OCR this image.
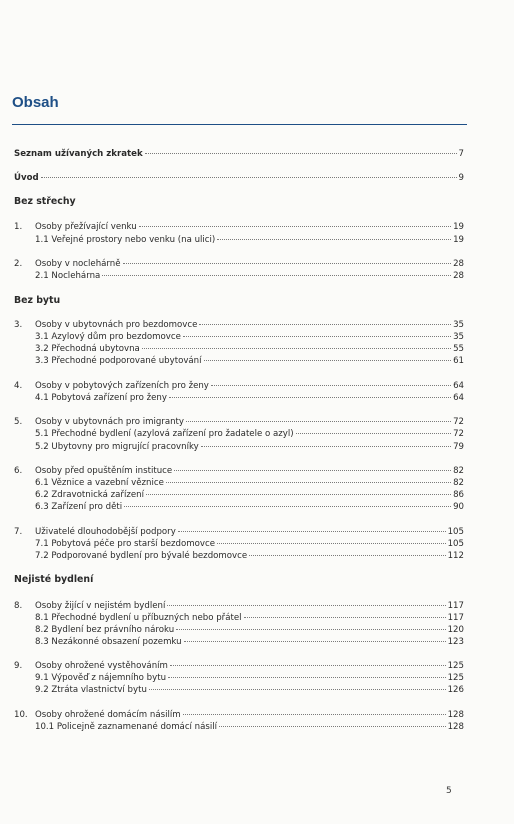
Obsah
Seznam užívaných zkratek	7
Úvod	9
Bez střechy
1.	Osoby přežívající venku	19
1.1 Veřejné prostory nebo venku (na ulici)	19
2.	Osoby v noclehárně	28
2.1 Noclehárna	28
Bez bytu
3.	Osoby v ubytovnách pro bezdomovce	35
3.1 Azylový dům pro bezdomovce	35
3.2 Přechodná ubytovna	55
3.3 Přechodné podporované ubytování	61
4.	Osoby v pobytových zařízeních pro ženy	64
4.1 Pobytová zařízení pro ženy	64
5.	Osoby v ubytovnách pro imigranty	72
5.1 Přechodné bydlení (azylová zařízení pro žadatele o azyl)	72
5.2 Ubytovny pro migrující pracovníky	79
6.	Osoby před opuštěním instituce	82
6.1 Věznice a vazební věznice	82
6.2 Zdravotnická zařízení	86
6.3 Zařízení pro děti	90
7.	Uživatelé dlouhodobější podpory	105
7.1 Pobytová péče pro starší bezdomovce	105
7.2 Podporované bydlení pro bývalé bezdomovce	112
Nejisté bydlení
8.	Osoby žijící v nejistém bydlení	117
8.1 Přechodné bydlení u příbuzných nebo přátel	117
8.2 Bydlení bez právního nároku	120
8.3 Nezákonné obsazení pozemku	123
9.	Osoby ohrožené vystěhováním	125
9.1 Výpověď z nájemního bytu	125
9.2 Ztráta vlastnictví bytu	126
10. Osoby ohrožené domácím násilím	128
10.1 Policejně zaznamenané domácí násilí	128
5
